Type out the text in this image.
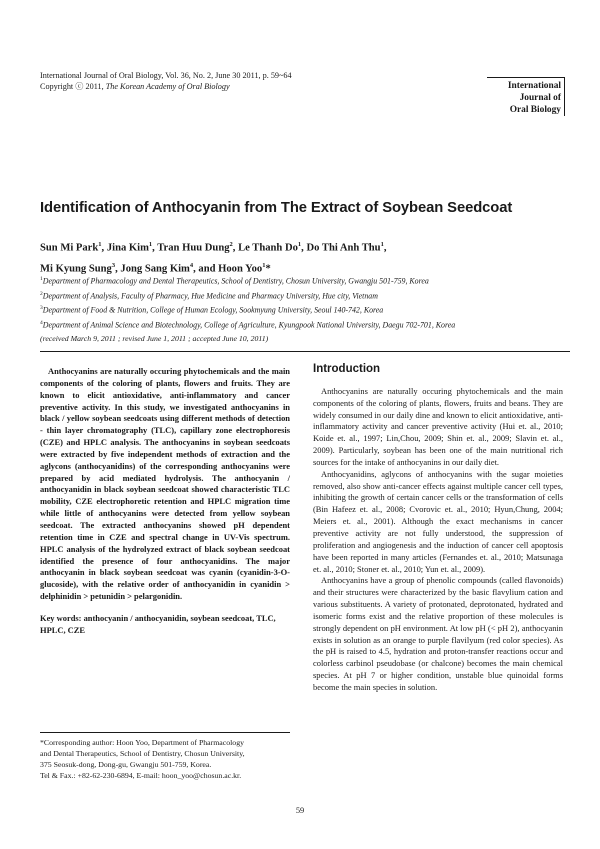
International Journal of Oral Biology, Vol. 36, No. 2, June 30 2011, p. 59~64
Copyright ⓒ 2011, The Korean Academy of Oral Biology	International
Journal of
Oral Biology
Identification of Anthocyanin from The Extract of Soybean Seedcoat
Sun Mi Park$^1$, Jina Kim$^1$, Tran Huu Dung$^2$, Le Thanh Do$^1$, Do Thi Anh Thu$^1$,
Mi Kyung Sung$^3$, Jong Sang Kim$^4$, and Hoon Yoo$^1$*
$^1$Department of Pharmacology and Dental Therapeutics, School of Dentistry, Chosun University, Gwangju 501-759, Korea
$^2$Department of Analysis, Faculty of Pharmacy, Hue Medicine and Pharmacy University, Hue city, Vietnam
$^3$Department of Food & Nutrition, College of Human Ecology, Sookmyung University, Seoul 140-742, Korea
$^4$Department of Animal Science and Biotechnology, College of Agriculture, Kyungpook National University, Daegu 702-701, Korea
(received March 9, 2011 ; revised June 1, 2011 ; accepted June 10, 2011)

Anthocyanins are naturally occuring phytochemicals and the main components of the coloring of plants, flowers and fruits. They are known to elicit antioxidative, anti-inflammatory and cancer preventive activity. In this study, we investigated anthocyanins in black / yellow soybean seedcoats using different methods of detection - thin layer chromatography (TLC), capillary zone electrophoresis (CZE) and HPLC analysis. The anthocyanins in soybean seedcoats were extracted by five independent methods of extraction and the aglycons (anthocyanidins) of the corresponding anthocyanins were prepared by acid mediated hydrolysis. The anthocyanin / anthocyanidin in black soybean seedcoat showed characteristic TLC mobility, CZE electrophoretic retention and HPLC migration time while little of anthocyanins were detected from yellow soybean seedcoat. The extracted anthocyanins showed pH dependent retention time in CZE and spectral change in UV-Vis spectrum. HPLC analysis of the hydrolyzed extract of black soybean seedcoat identified the presence of four anthocyanidins. The major anthocyanin in black soybean seedcoat was cyanin (cyanidin-3-O-glucoside), with the relative order of anthocyanidin in cyanidin > delphinidin > petunidin > pelargonidin.

Key words: anthocyanin / anthocyanidin, soybean seedcoat, TLC, HPLC, CZE

Introduction

Anthocyanins are naturally occuring phytochemicals and the main components of the coloring of plants, flowers, fruits and beans. They are widely consumed in our daily dine and known to elicit antioxidative, anti-inflammatory activity and cancer preventive activity (Hui et. al., 2010; Koide et. al., 1997; Lin,Chou, 2009; Shin et. al., 2009; Slavin et. al., 2009). Particularly, soybean has been one of the main nutritional rich sources for the intake of anthocyanins in our daily diet.

Anthocyanidins, aglycons of anthocyanins with the sugar moieties removed, also show anti-cancer effects against multiple cancer cell types, inhibiting the growth of certain cancer cells or the transformation of cells (Bin Hafeez et. al., 2008; Cvorovic et. al., 2010; Hyun,Chung, 2004; Meiers et. al., 2001). Although the exact mechanisms in cancer preventive activity are not fully understood, the suppression of proliferation and angiogenesis and the induction of cancer cell apoptosis have been reported in many articles (Fernandes et. al., 2010; Matsunaga et. al., 2010; Stoner et. al., 2010; Yun et. al., 2009).

Anthocyanins have a group of phenolic compounds (called flavonoids) and their structures were characterized by the basic flavylium cation and various substituents. A variety of protonated, deprotonated, hydrated and isomeric forms exist and the relative proportion of these molecules is strongly dependent on pH environment. At low pH (< pH 2), anthocyanin exists in solution as an orange to purple flavilyum (red color species). As the pH is raised to 4.5, hydration and proton-transfer reactions occur and colorless carbinol pseudobase (or chalcone) becomes the main chemical species. At pH 7 or higher condition, unstable blue quinoidal forms become the main species in solution.

*Corresponding author: Hoon Yoo, Department of Pharmacology
and Dental Therapeutics, School of Dentistry, Chosun University,
375 Seosuk-dong, Dong-gu, Gwangju 501-759, Korea.
Tel & Fax.: +82-62-230-6894, E-mail: hoon_yoo@chosun.ac.kr.
59
